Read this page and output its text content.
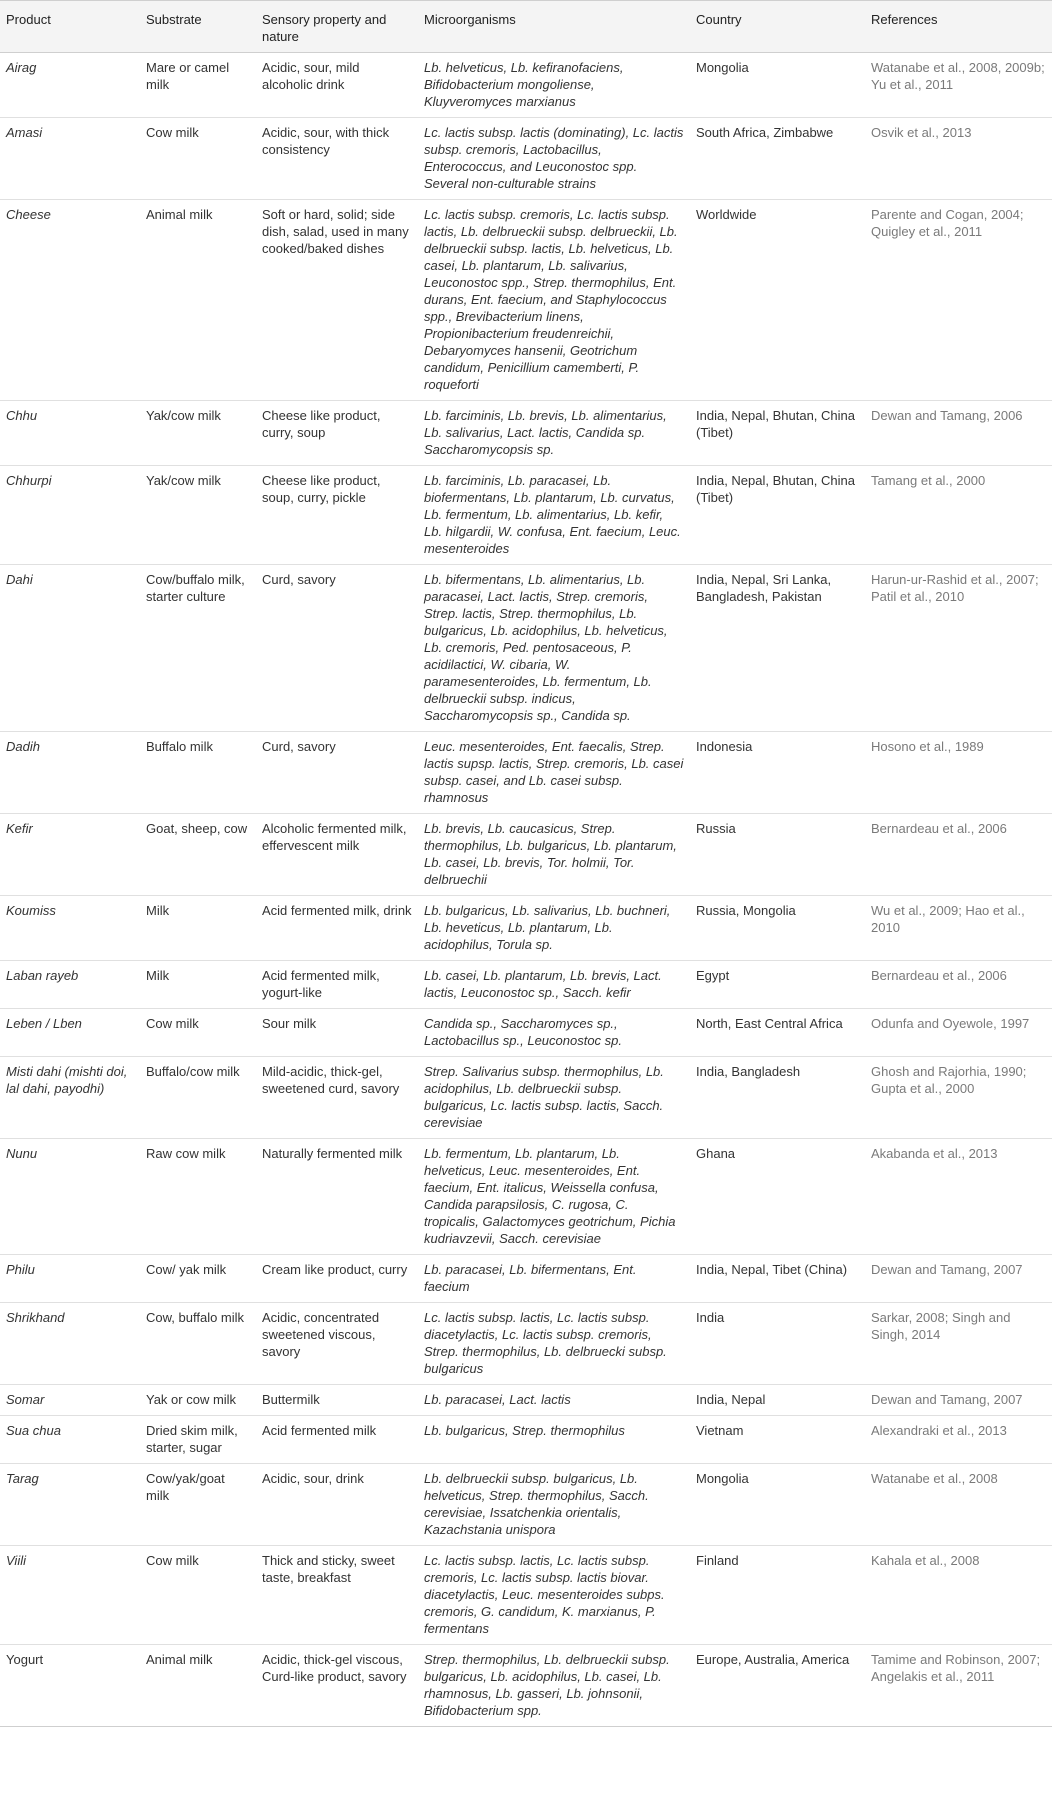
Product	Substrate	Sensory property and nature	Microorganisms	Country	References
Airag	Mare or camel milk	Acidic, sour, mild alcoholic drink	Lb. helveticus, Lb. kefiranofaciens, Bifidobacterium mongoliense, Kluyveromyces marxianus	Mongolia	Watanabe et al., 2008, 2009b; Yu et al., 2011
Amasi	Cow milk	Acidic, sour, with thick consistency	Lc. lactis subsp. lactis (dominating), Lc. lactis subsp. cremoris, Lactobacillus, Enterococcus, and Leuconostoc spp. Several non-culturable strains	South Africa, Zimbabwe	Osvik et al., 2013
Cheese	Animal milk	Soft or hard, solid; side dish, salad, used in many cooked/baked dishes	Lc. lactis subsp. cremoris, Lc. lactis subsp. lactis, Lb. delbrueckii subsp. delbrueckii, Lb. delbrueckii subsp. lactis, Lb. helveticus, Lb. casei, Lb. plantarum, Lb. salivarius, Leuconostoc spp., Strep. thermophilus, Ent. durans, Ent. faecium, and Staphylococcus spp., Brevibacterium linens, Propionibacterium freudenreichii, Debaryomyces hansenii, Geotrichum candidum, Penicillium camemberti, P. roqueforti	Worldwide	Parente and Cogan, 2004; Quigley et al., 2011
Chhu	Yak/cow milk	Cheese like product, curry, soup	Lb. farciminis, Lb. brevis, Lb. alimentarius, Lb. salivarius, Lact. lactis, Candida sp. Saccharomycopsis sp.	India, Nepal, Bhutan, China (Tibet)	Dewan and Tamang, 2006
Chhurpi	Yak/cow milk	Cheese like product, soup, curry, pickle	Lb. farciminis, Lb. paracasei, Lb. biofermentans, Lb. plantarum, Lb. curvatus, Lb. fermentum, Lb. alimentarius, Lb. kefir, Lb. hilgardii, W. confusa, Ent. faecium, Leuc. mesenteroides	India, Nepal, Bhutan, China (Tibet)	Tamang et al., 2000
Dahi	Cow/buffalo milk, starter culture	Curd, savory	Lb. bifermentans, Lb. alimentarius, Lb. paracasei, Lact. lactis, Strep. cremoris, Strep. lactis, Strep. thermophilus, Lb. bulgaricus, Lb. acidophilus, Lb. helveticus, Lb. cremoris, Ped. pentosaceous, P. acidilactici, W. cibaria, W. paramesenteroides, Lb. fermentum, Lb. delbrueckii subsp. indicus, Saccharomycopsis sp., Candida sp.	India, Nepal, Sri Lanka, Bangladesh, Pakistan	Harun-ur-Rashid et al., 2007; Patil et al., 2010
Dadih	Buffalo milk	Curd, savory	Leuc. mesenteroides, Ent. faecalis, Strep. lactis supsp. lactis, Strep. cremoris, Lb. casei subsp. casei, and Lb. casei subsp. rhamnosus	Indonesia	Hosono et al., 1989
Kefir	Goat, sheep, cow	Alcoholic fermented milk, effervescent milk	Lb. brevis, Lb. caucasicus, Strep. thermophilus, Lb. bulgaricus, Lb. plantarum, Lb. casei, Lb. brevis, Tor. holmii, Tor. delbruechii	Russia	Bernardeau et al., 2006
Koumiss	Milk	Acid fermented milk, drink	Lb. bulgaricus, Lb. salivarius, Lb. buchneri, Lb. heveticus, Lb. plantarum, Lb. acidophilus, Torula sp.	Russia, Mongolia	Wu et al., 2009; Hao et al., 2010
Laban rayeb	Milk	Acid fermented milk, yogurt-like	Lb. casei, Lb. plantarum, Lb. brevis, Lact. lactis, Leuconostoc sp., Sacch. kefir	Egypt	Bernardeau et al., 2006
Leben / Lben	Cow milk	Sour milk	Candida sp., Saccharomyces sp., Lactobacillus sp., Leuconostoc sp.	North, East Central Africa	Odunfa and Oyewole, 1997
Misti dahi (mishti doi, lal dahi, payodhi)	Buffalo/cow milk	Mild-acidic, thick-gel, sweetened curd, savory	Strep. Salivarius subsp. thermophilus, Lb. acidophilus, Lb. delbrueckii subsp. bulgaricus, Lc. lactis subsp. lactis, Sacch. cerevisiae	India, Bangladesh	Ghosh and Rajorhia, 1990; Gupta et al., 2000
Nunu	Raw cow milk	Naturally fermented milk	Lb. fermentum, Lb. plantarum, Lb. helveticus, Leuc. mesenteroides, Ent. faecium, Ent. italicus, Weissella confusa, Candida parapsilosis, C. rugosa, C. tropicalis, Galactomyces geotrichum, Pichia kudriavzevii, Sacch. cerevisiae	Ghana	Akabanda et al., 2013
Philu	Cow/ yak milk	Cream like product, curry	Lb. paracasei, Lb. bifermentans, Ent. faecium	India, Nepal, Tibet (China)	Dewan and Tamang, 2007
Shrikhand	Cow, buffalo milk	Acidic, concentrated sweetened viscous, savory	Lc. lactis subsp. lactis, Lc. lactis subsp. diacetylactis, Lc. lactis subsp. cremoris, Strep. thermophilus, Lb. delbruecki subsp. bulgaricus	India	Sarkar, 2008; Singh and Singh, 2014
Somar	Yak or cow milk	Buttermilk	Lb. paracasei, Lact. lactis	India, Nepal	Dewan and Tamang, 2007
Sua chua	Dried skim milk, starter, sugar	Acid fermented milk	Lb. bulgaricus, Strep. thermophilus	Vietnam	Alexandraki et al., 2013
Tarag	Cow/yak/goat milk	Acidic, sour, drink	Lb. delbrueckii subsp. bulgaricus, Lb. helveticus, Strep. thermophilus, Sacch. cerevisiae, Issatchenkia orientalis, Kazachstania unispora	Mongolia	Watanabe et al., 2008
Viili	Cow milk	Thick and sticky, sweet taste, breakfast	Lc. lactis subsp. lactis, Lc. lactis subsp. cremoris, Lc. lactis subsp. lactis biovar. diacetylactis, Leuc. mesenteroides subps. cremoris, G. candidum, K. marxianus, P. fermentans	Finland	Kahala et al., 2008
Yogurt	Animal milk	Acidic, thick-gel viscous, Curd-like product, savory	Strep. thermophilus, Lb. delbrueckii subsp. bulgaricus, Lb. acidophilus, Lb. casei, Lb. rhamnosus, Lb. gasseri, Lb. johnsonii, Bifidobacterium spp.	Europe, Australia, America	Tamime and Robinson, 2007; Angelakis et al., 2011
